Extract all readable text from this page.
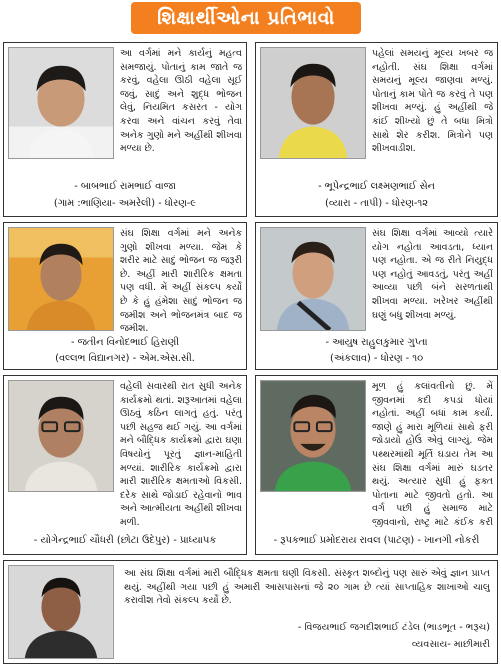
શિક્ષાર્થીઓના પ્રતિભાવો
આ વર્ગમાં મને કાર્યનું મહત્વ સમજાયું. પોતાનું કામ જાતે જ કરવું, વહેલા ઊઠી વહેલા સૂઈ જવું, સાદું અને શુદ્ધ ભોજન લેવું, નિયમિત કસરત - યોગ કરવા અને વાંચન કરવું તેવા અનેક ગુણો મને અહીંથી શીખવા મળ્યા છે.
- બાબભાઈ રામભાઈ વાજા
(ગામ :ભાણિયા- અમરેલી) - ધોરણ-૯
પહેલાં સમયનું મૂલ્ય ખબર જ નહોતી. સંઘ શિક્ષા વર્ગમાં સમયનું મૂલ્ય જાણવા મળ્યું. પોતાનું કામ પોતે જ કરવું તે પણ શીખવા મળ્યું. હું અહીંથી જે કાંઈ શીખ્યો છું તે બધા મિત્રો સાથે શેર કરીશ. મિત્રોને પણ શીખવાડીશ.
- ભૂપેન્દ્રભાઈ લક્ષ્મણભાઈ સેન
(વ્યારા - તાપી) - ધોરણ-૧૨
સંઘ શિક્ષા વર્ગમાં મને અનેક ગુણો શીખવા મળ્યા. જેમ કે શરીર માટે સાદું ભોજન જ જરૂરી છે. અહીં મારી શારીરિક ક્ષમતા પણ વધી. મેં અહીં સંકલ્પ કર્યો છે કે હું હંમેશા સાદું ભોજન જ જમીશ અને ભોજનમંત્ર બાદ જ જમીશ.
- જતીન વિનોદભાઈ હિરાણી
(વલ્લભ વિદ્યાનગર) - એમ.એસ.સી.
સંઘ શિક્ષા વર્ગમાં આવ્યો ત્યારે યોગ નહોતા આવડતા, ધ્યાન પણ નહોતા. એ જ રીતે નિયુદ્ધ પણ નહોતું આવડતું, પરંતુ અહીં આવ્યા પછી બંને સરળતાથી શીખવા મળ્યા. ખરેખર અહીંથી ઘણું બધુ શીખવા મળ્યું.
- આયુષ રાહુલકુમાર ગુપ્તા
(અંકલાવ) - ધોરણ - ૧૦
વહેલી સવારથી રાત સુધી અનેક કાર્યક્રમો થતાં. શરૂઆતમાં વહેલા ઊઠવું કઠિન લાગતું હતું. પરંતુ પછી સહજ થઈ ગયું. આ વર્ગમાં મને બૌદ્ધિક કાર્યક્રમો દ્વારા ઘણા વિષયોનું પૂરતું જ્ઞાન-માહિતી મળ્યાં. શારીરિક કાર્યક્રમો દ્વારા મારી શારીરિક ક્ષમતાઓ વિકસી. દરેક સાથે જોડાઈ રહેવાનો ભાવ અને આત્મીયતા અહીંથી શીખવા મળી.
- યોગેન્દ્રભાઈ ચૌધરી (છોટા ઉદેપુર) - પ્રાધ્યાપક
મૂળ હું કલાંવતીનો છું. મેં જીવનમાં કદી કપડાં ધોયાં નહોતાં. અહીં બધાં કામ કર્યાં. જાણે હું મારા મૂળિયાં સાથે ફરી જોડાયો હોઉં એવું લાગ્યું. જેમ પથ્થરમાંથી મૂર્તિ ઘડાય તેમ આ સંઘ શિક્ષા વર્ગમાં મારું ઘડતર થયું. અત્યાર સુધી હું ફક્ત પોતાના માટે જીવતો હતો. આ વર્ગ પછી હું સમાજ માટે જીવવાનો, રાષ્ટ્ર માટે કંઈક કરી
- રૂપકભાઈ પ્રમોદરાય રાવલ (પાટણ) - ખાનગી નોકરી
આ સંઘ શિક્ષા વર્ગમાં મારી બૌદ્ધિક ક્ષમતા ઘણી વિકસી. સંસ્કૃત શબ્દોનું પણ સારું એવું જ્ઞાન પ્રાપ્ત થયું. અહીંથી ગયા પછી હું અમારી આસપાસનાં જે ૨૦ ગામ છે ત્યાં સાપ્તાહિક શાખાઓ ચાલુ કરાવીશ તેવો સંકલ્પ કર્યો છે.
- વિજયભાઈ જગદીશભાઈ ટંડેલ (ભાડભૂત - ભરૂચ)
વ્યવસાય- માછીમારી
